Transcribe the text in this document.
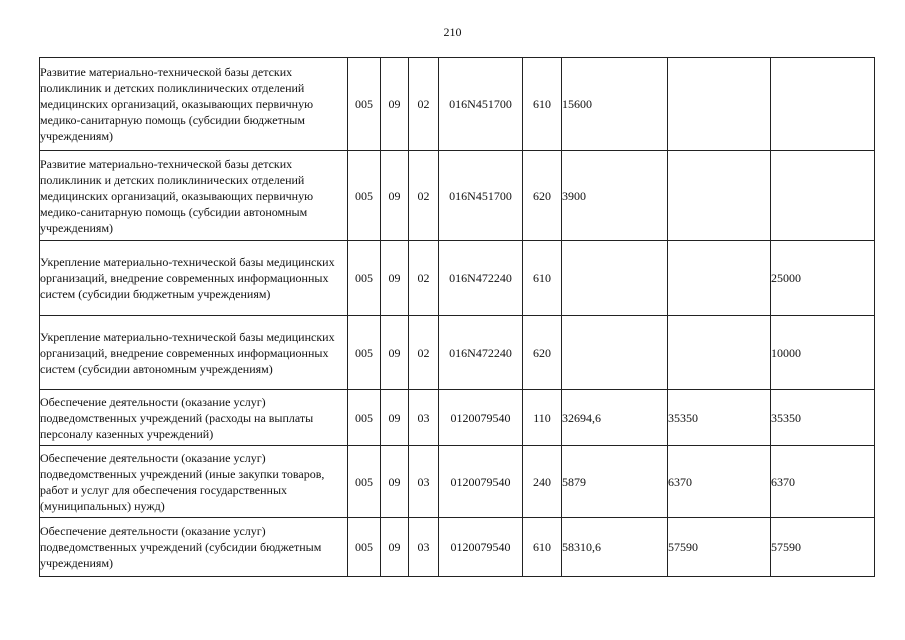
210
Развитие материально-технической базы детских поликлиник и детских поликлинических отделений медицинских организаций, оказывающих первичную медико-санитарную помощь (субсидии бюджетным учреждениям)	005	09	02	016N451700	610	15600		
Развитие материально-технической базы детских поликлиник и детских поликлинических отделений медицинских организаций, оказывающих первичную медико-санитарную помощь (субсидии автономным учреждениям)	005	09	02	016N451700	620	3900		
Укрепление материально-технической базы медицинских организаций, внедрение современных информационных систем (субсидии бюджетным учреждениям)	005	09	02	016N472240	610			25000
Укрепление материально-технической базы медицинских организаций, внедрение современных информационных систем (субсидии автономным учреждениям)	005	09	02	016N472240	620			10000
Обеспечение деятельности (оказание услуг) подведомственных учреждений (расходы на выплаты персоналу казенных учреждений)	005	09	03	0120079540	110	32694,6	35350	35350
Обеспечение деятельности (оказание услуг) подведомственных учреждений (иные закупки товаров, работ и услуг для обеспечения государственных (муниципальных) нужд)	005	09	03	0120079540	240	5879	6370	6370
Обеспечение деятельности (оказание услуг) подведомственных учреждений (субсидии бюджетным учреждениям)	005	09	03	0120079540	610	58310,6	57590	57590
